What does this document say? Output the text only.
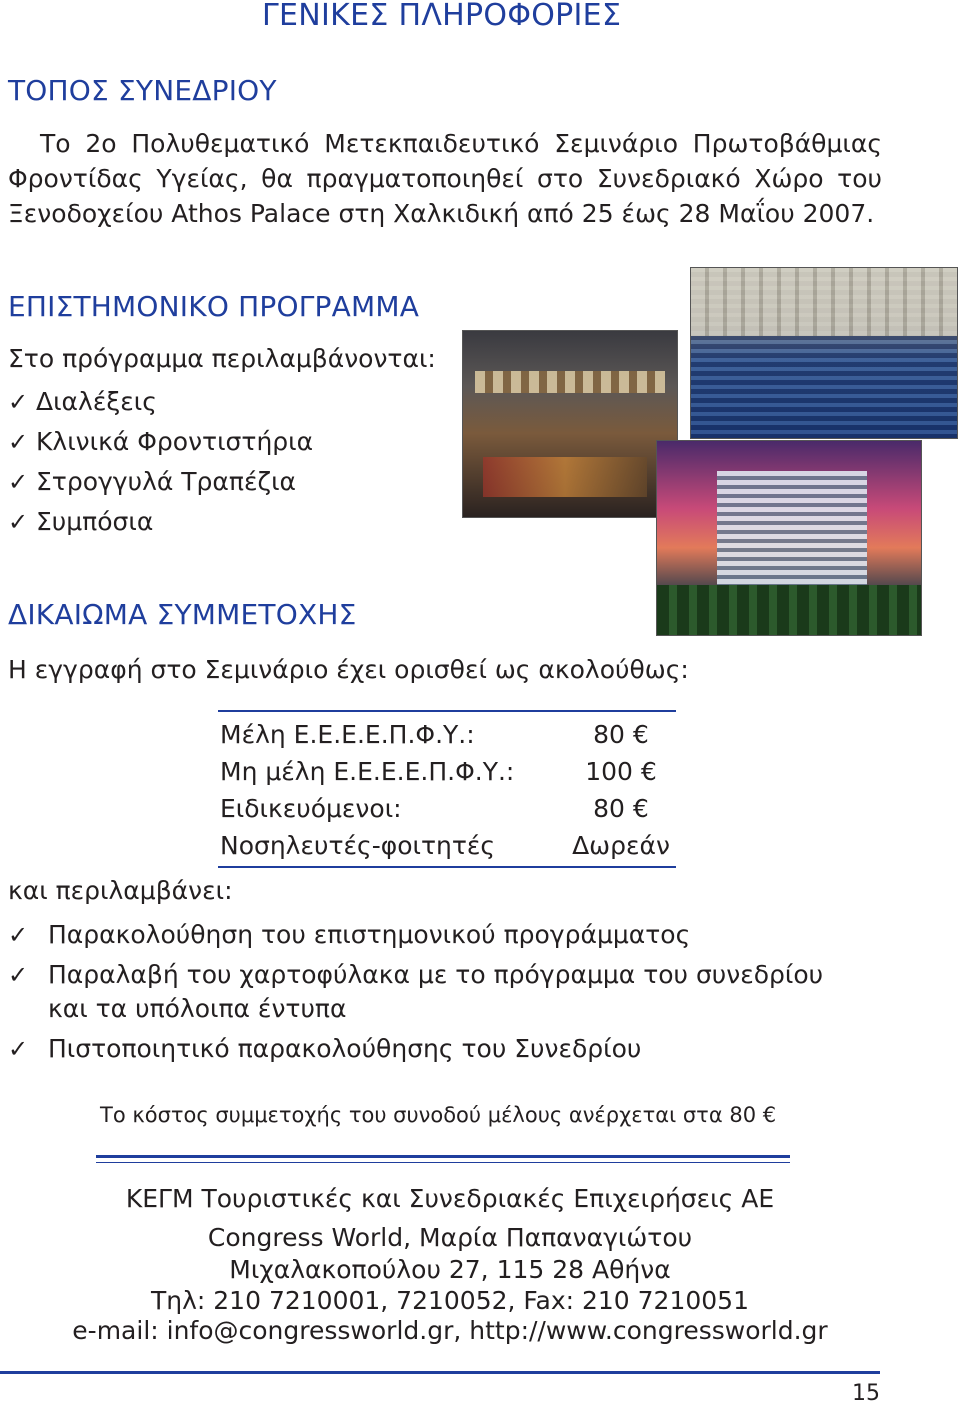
ΓΕΝΙΚΕΣ ΠΛΗΡΟΦΟΡΙΕΣ
ΤΟΠΟΣ ΣΥΝΕΔΡΙΟΥ
Το 2ο Πολυθεματικό Μετεκπαιδευτικό Σεμινάριο Πρωτοβάθμιας Φροντίδας Υγείας, θα πραγματοποιηθεί στο Συνεδριακό Χώρο του Ξενοδοχείου Athos Palace στη Χαλκιδική από 25 έως 28 Μαΐου 2007.
ΕΠΙΣΤΗΜΟΝΙΚΟ ΠΡΟΓΡΑΜΜΑ
Στο πρόγραμμα περιλαμβάνονται:
✓ Διαλέξεις
✓ Κλινικά Φροντιστήρια
✓ Στρογγυλά Τραπέζια
✓ Συμπόσια
ΔΙΚΑΙΩΜΑ ΣΥΜΜΕΤΟΧΗΣ
Η εγγραφή στο Σεμινάριο έχει ορισθεί ως ακολούθως:
Μέλη Ε.Ε.Ε.Ε.Π.Φ.Υ.:	80 €
Μη μέλη Ε.Ε.Ε.Ε.Π.Φ.Υ.:	100 €
Ειδικευόμενοι:	80 €
Νοσηλευτές-φοιτητές	Δωρεάν
και περιλαμβάνει:
✓ Παρακολούθηση του επιστημονικού προγράμματος
✓ Παραλαβή του χαρτοφύλακα με το πρόγραμμα του συνεδρίου
και τα υπόλοιπα έντυπα
✓ Πιστοποιητικό παρακολούθησης του Συνεδρίου
Το κόστος συμμετοχής του συνοδού μέλους ανέρχεται στα 80 €
ΚΕΓΜ Τουριστικές και Συνεδριακές Επιχειρήσεις ΑΕ
Congress World, Μαρία Παπαναγιώτου
Μιχαλακοπούλου 27, 115 28 Αθήνα
Τηλ: 210 7210001, 7210052, Fax: 210 7210051
e-mail: info@congressworld.gr, http://www.congressworld.gr
15
